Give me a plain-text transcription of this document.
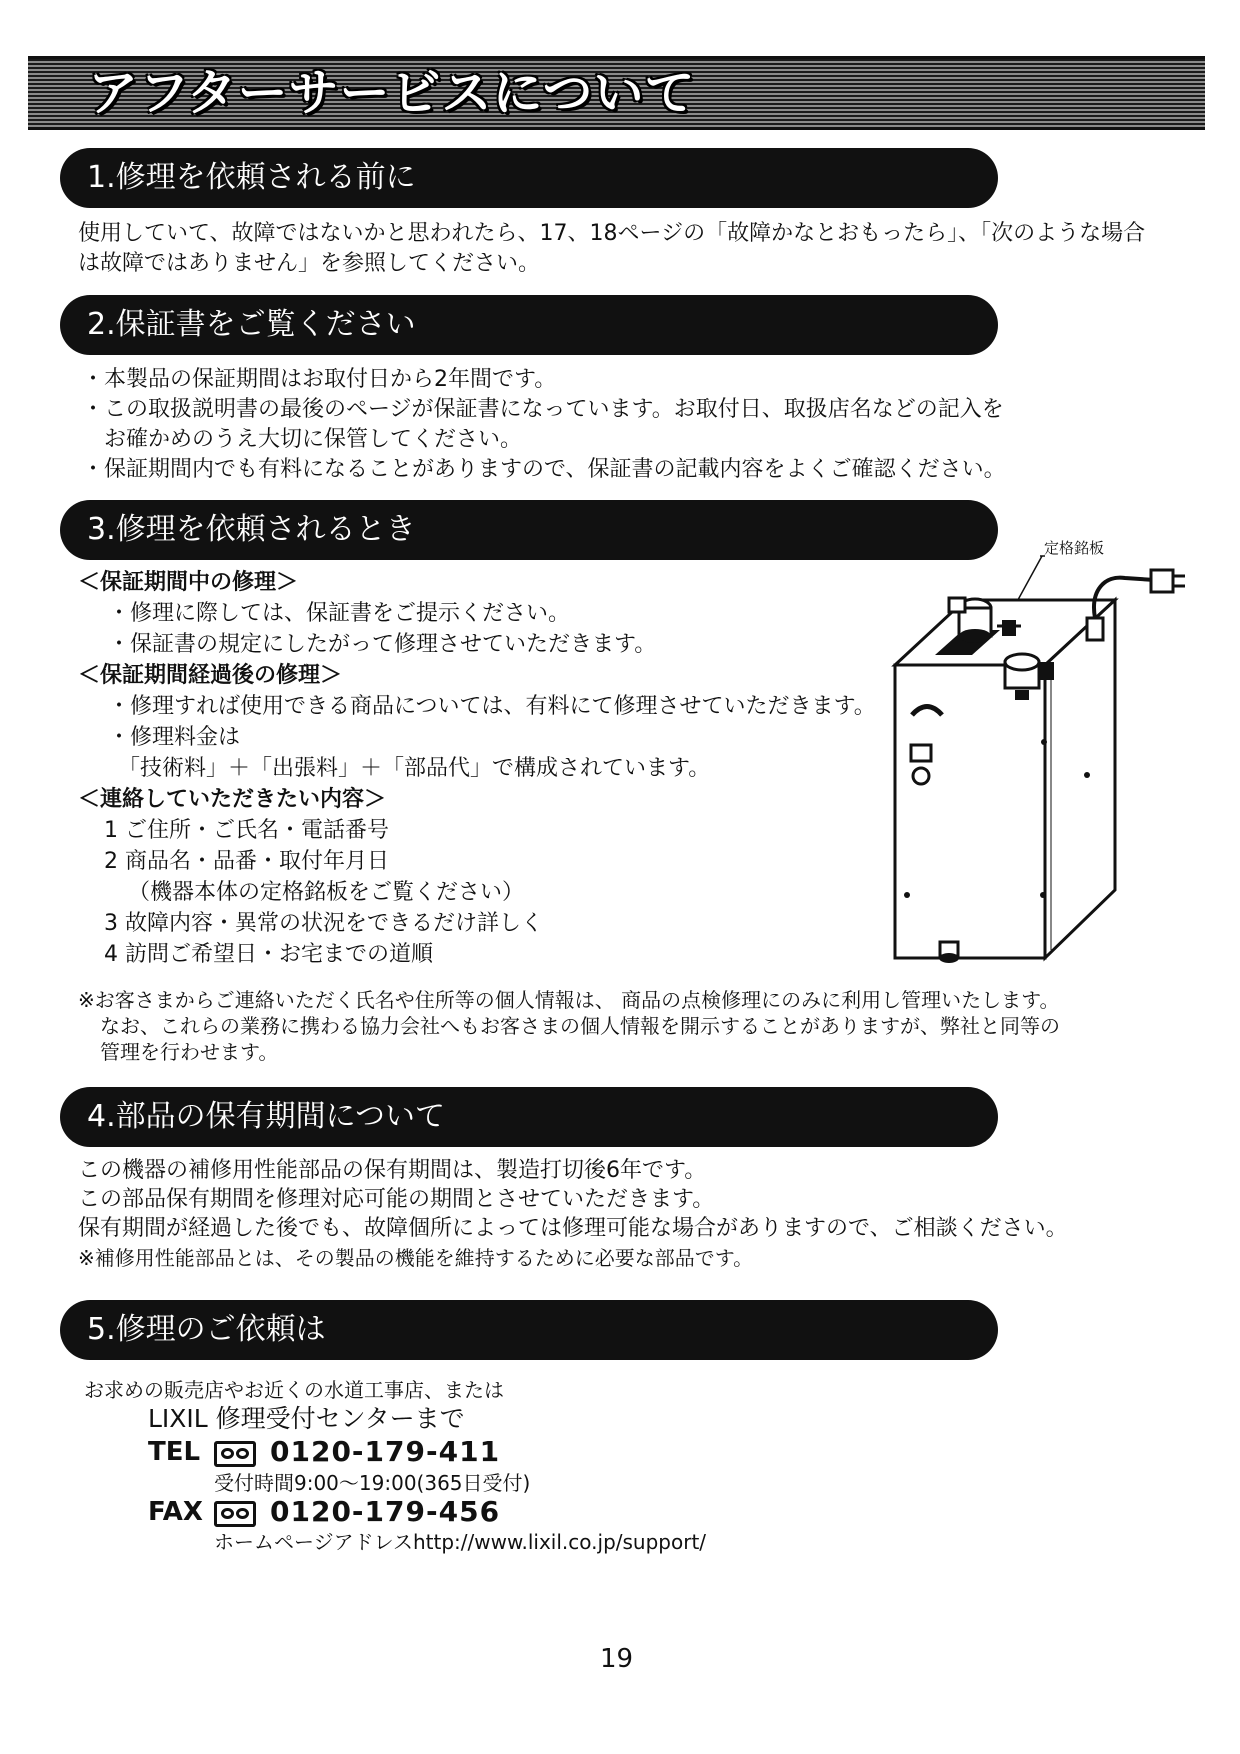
アフターサービスについて
1.修理を依頼される前に
使用していて、故障ではないかと思われたら、17、18ページの「故障かなとおもったら」、「次のような場合
は故障ではありません」を参照してください。
2.保証書をご覧ください
・本製品の保証期間はお取付日から2年間です。
・この取扱説明書の最後のページが保証書になっています。お取付日、取扱店名などの記入を
お確かめのうえ大切に保管してください。
・保証期間内でも有料になることがありますので、保証書の記載内容をよくご確認ください。
3.修理を依頼されるとき
＜保証期間中の修理＞
・修理に際しては、保証書をご提示ください。
・保証書の規定にしたがって修理させていただきます。
＜保証期間経過後の修理＞
・修理すれば使用できる商品については、有料にて修理させていただきます。
・修理料金は
「技術料」＋「出張料」＋「部品代」で構成されています。
＜連絡していただきたい内容＞
1 ご住所・ご氏名・電話番号
2 商品名・品番・取付年月日
（機器本体の定格銘板をご覧ください）
3 故障内容・異常の状況をできるだけ詳しく
4 訪問ご希望日・お宅までの道順
※お客さまからご連絡いただく氏名や住所等の個人情報は、 商品の点検修理にのみに利用し管理いたします。
なお、これらの業務に携わる協力会社へもお客さまの個人情報を開示することがありますが、弊社と同等の
管理を行わせます。
定格銘板
4.部品の保有期間について
この機器の補修用性能部品の保有期間は、製造打切後6年です。
この部品保有期間を修理対応可能の期間とさせていただきます。
保有期間が経過した後でも、故障個所によっては修理可能な場合がありますので、ご相談ください。
※補修用性能部品とは、その製品の機能を維持するために必要な部品です。
5.修理のご依頼は
お求めの販売店やお近くの水道工事店、または
LIXIL 修理受付センターまで
TEL 0120-179-411
受付時間9:00～19:00(365日受付)
FAX 0120-179-456
ホームページアドレスhttp://www.lixil.co.jp/support/
19
